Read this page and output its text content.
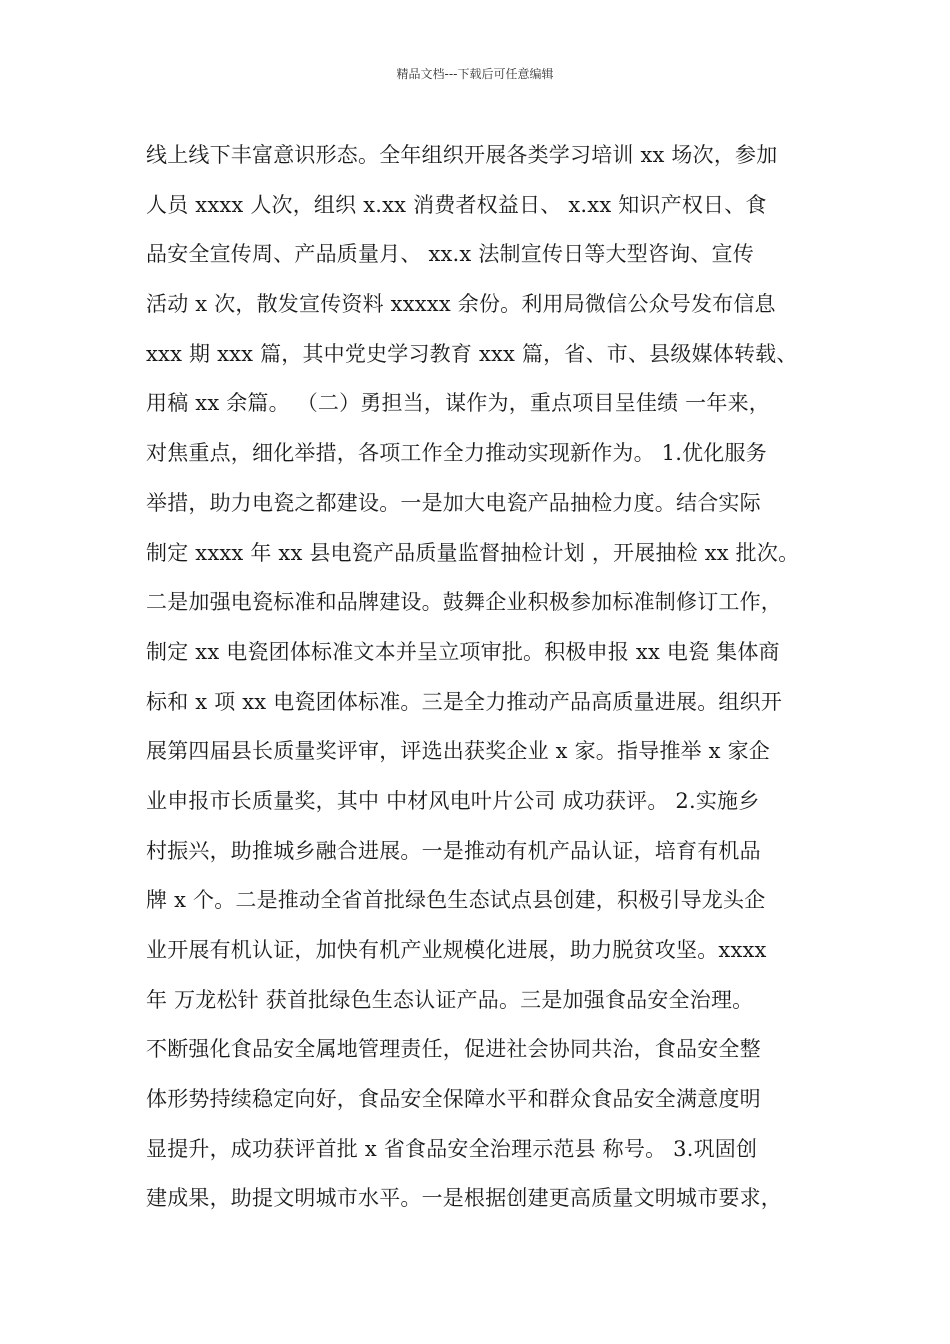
精品文档---下载后可任意编辑
线上线下丰富意识形态。全年组织开展各类学习培训 xx 场次，参加
人员 xxxx 人次，组织 x.xx 消费者权益日、 x.xx 知识产权日、食
品安全宣传周、产品质量月、 xx.x 法制宣传日等大型咨询、宣传
活动 x 次，散发宣传资料 xxxxx 余份。利用局微信公众号发布信息
xxx 期 xxx 篇，其中党史学习教育 xxx 篇，省、市、县级媒体转载、
用稿 xx 余篇。 （二）勇担当，谋作为，重点项目呈佳绩 一年来，
对焦重点，细化举措，各项工作全力推动实现新作为。 1.优化服务
举措，助力电瓷之都建设。一是加大电瓷产品抽检力度。结合实际
制定 xxxx 年 xx 县电瓷产品质量监督抽检计划 ，开展抽检 xx 批次。
二是加强电瓷标准和品牌建设。鼓舞企业积极参加标准制修订工作，
制定 xx 电瓷团体标准文本并呈立项审批。积极申报 xx 电瓷 集体商
标和 x 项 xx 电瓷团体标准。三是全力推动产品高质量进展。组织开
展第四届县长质量奖评审，评选出获奖企业 x 家。指导推举 x 家企
业申报市长质量奖，其中 中材风电叶片公司 成功获评。 2.实施乡
村振兴，助推城乡融合进展。一是推动有机产品认证，培育有机品
牌 x 个。二是推动全省首批绿色生态试点县创建，积极引导龙头企
业开展有机认证，加快有机产业规模化进展，助力脱贫攻坚。xxxx
年 万龙松针 获首批绿色生态认证产品。三是加强食品安全治理。
不断强化食品安全属地管理责任，促进社会协同共治，食品安全整
体形势持续稳定向好，食品安全保障水平和群众食品安全满意度明
显提升，成功获评首批 x 省食品安全治理示范县 称号。 3.巩固创
建成果，助提文明城市水平。一是根据创建更高质量文明城市要求，
